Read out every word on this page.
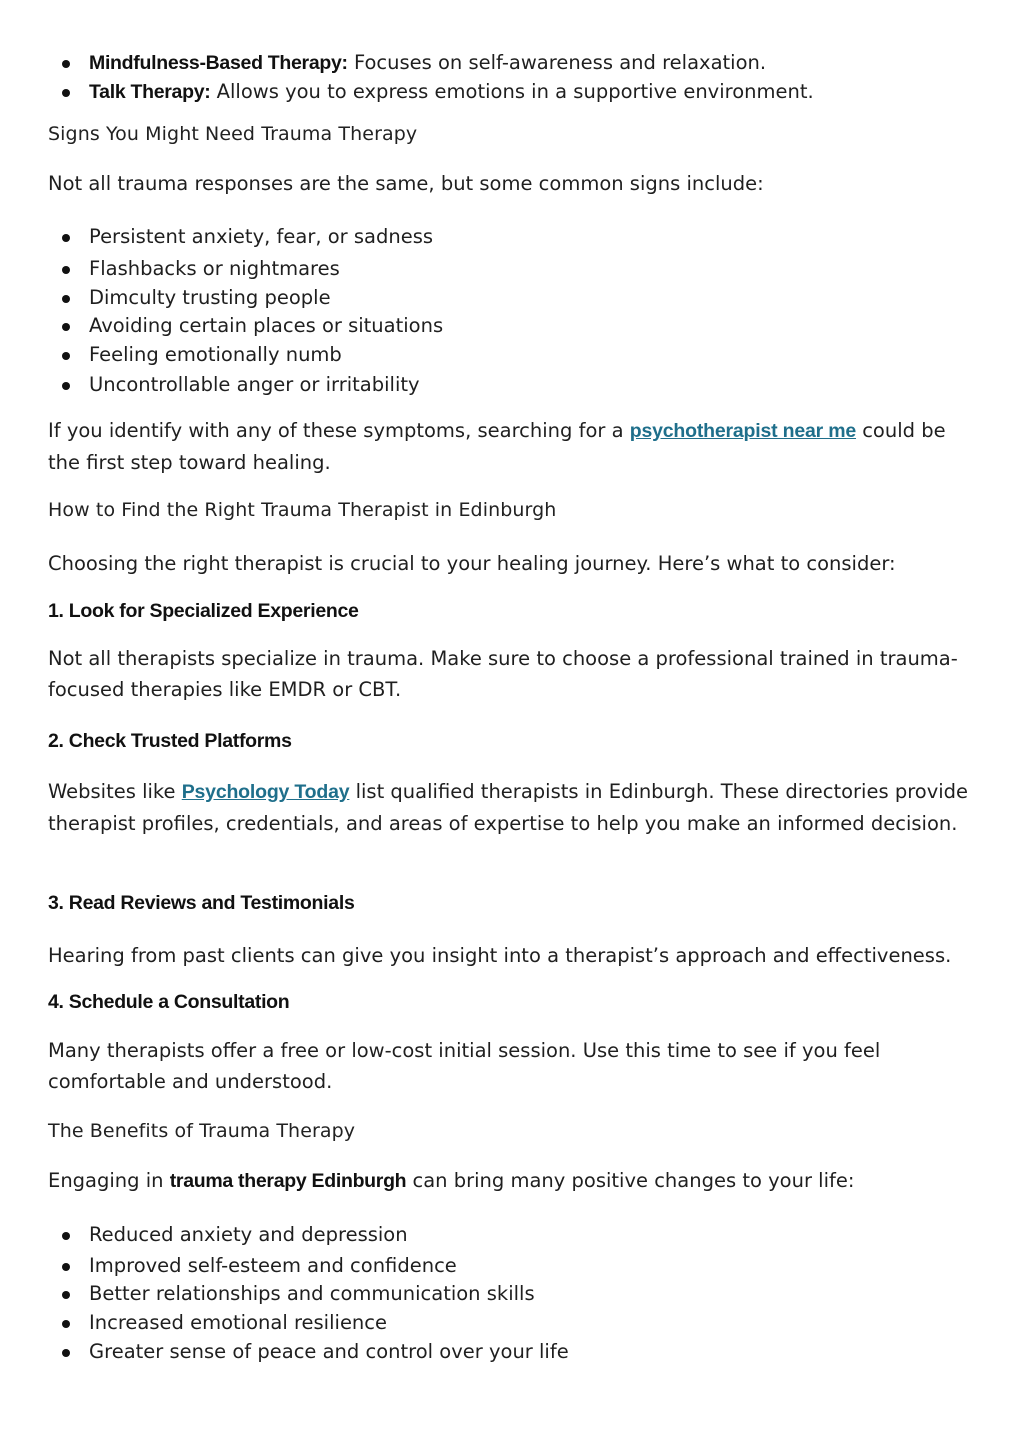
Mindfulness-Based Therapy: Focuses on self-awareness and relaxation.
Talk Therapy: Allows you to express emotions in a supportive environment.

Signs You Might Need Trauma Therapy

Not all trauma responses are the same, but some common signs include:

Persistent anxiety, fear, or sadness
Flashbacks or nightmares
Dimculty trusting people
Avoiding certain places or situations
Feeling emotionally numb
Uncontrollable anger or irritability

If you identify with any of these symptoms, searching for a psychotherapist near me could be the first step toward healing.

How to Find the Right Trauma Therapist in Edinburgh

Choosing the right therapist is crucial to your healing journey. Here’s what to consider:

1. Look for Specialized Experience

Not all therapists specialize in trauma. Make sure to choose a professional trained in trauma-focused therapies like EMDR or CBT.

2. Check Trusted Platforms

Websites like Psychology Today list qualified therapists in Edinburgh. These directories provide therapist profiles, credentials, and areas of expertise to help you make an informed decision.

3. Read Reviews and Testimonials

Hearing from past clients can give you insight into a therapist’s approach and effectiveness.

4. Schedule a Consultation

Many therapists offer a free or low-cost initial session. Use this time to see if you feel comfortable and understood.

The Benefits of Trauma Therapy

Engaging in trauma therapy Edinburgh can bring many positive changes to your life:

Reduced anxiety and depression
Improved self-esteem and confidence
Better relationships and communication skills
Increased emotional resilience
Greater sense of peace and control over your life
